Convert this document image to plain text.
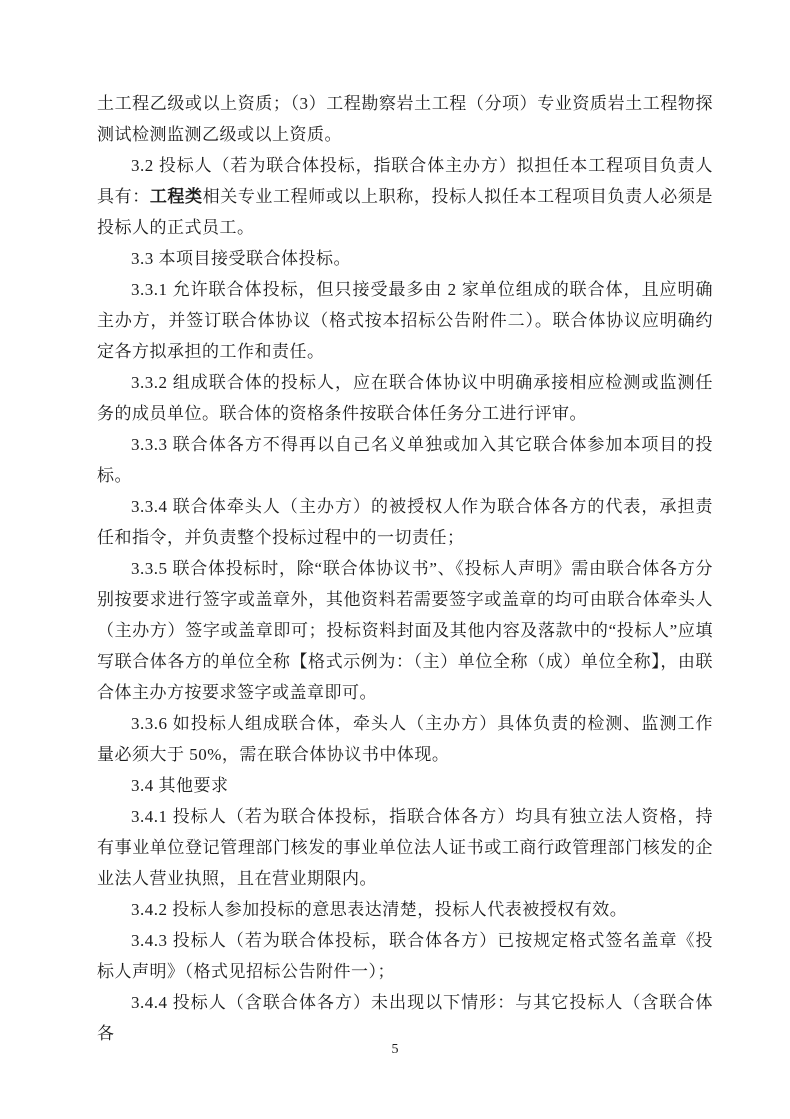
土工程乙级或以上资质；（3）工程勘察岩土工程（分项）专业资质岩土工程物探测试检测监测乙级或以上资质。

3.2 投标人（若为联合体投标，指联合体主办方）拟担任本工程项目负责人具有：工程类相关专业工程师或以上职称，投标人拟任本工程项目负责人必须是投标人的正式员工。

3.3 本项目接受联合体投标。

3.3.1 允许联合体投标，但只接受最多由 2 家单位组成的联合体，且应明确主办方，并签订联合体协议（格式按本招标公告附件二）。联合体协议应明确约定各方拟承担的工作和责任。

3.3.2 组成联合体的投标人，应在联合体协议中明确承接相应检测或监测任务的成员单位。联合体的资格条件按联合体任务分工进行评审。

3.3.3 联合体各方不得再以自己名义单独或加入其它联合体参加本项目的投标。

3.3.4 联合体牵头人（主办方）的被授权人作为联合体各方的代表，承担责任和指令，并负责整个投标过程中的一切责任；

3.3.5 联合体投标时，除“联合体协议书”、《投标人声明》需由联合体各方分别按要求进行签字或盖章外，其他资料若需要签字或盖章的均可由联合体牵头人（主办方）签字或盖章即可；投标资料封面及其他内容及落款中的“投标人”应填写联合体各方的单位全称【格式示例为：（主）单位全称（成）单位全称】，由联合体主办方按要求签字或盖章即可。

3.3.6 如投标人组成联合体，牵头人（主办方）具体负责的检测、监测工作量必须大于 50%，需在联合体协议书中体现。

3.4 其他要求

3.4.1 投标人（若为联合体投标，指联合体各方）均具有独立法人资格，持有事业单位登记管理部门核发的事业单位法人证书或工商行政管理部门核发的企业法人营业执照，且在营业期限内。

3.4.2 投标人参加投标的意思表达清楚，投标人代表被授权有效。

3.4.3 投标人（若为联合体投标，联合体各方）已按规定格式签名盖章《投标人声明》（格式见招标公告附件一）；

3.4.4 投标人（含联合体各方）未出现以下情形：与其它投标人（含联合体各

5
